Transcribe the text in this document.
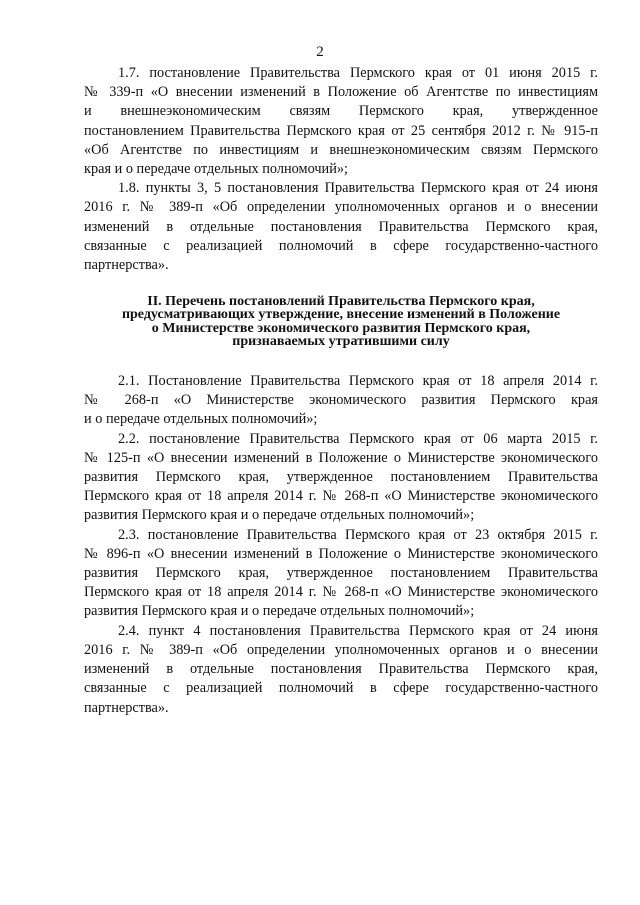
2
1.7. постановление Правительства Пермского края от 01 июня 2015 г.
№ 339-п «О внесении изменений в Положение об Агентстве по инвестициям
и внешнеэкономическим связям Пермского края, утвержденное
постановлением Правительства Пермского края от 25 сентября 2012 г. № 915-п
«Об Агентстве по инвестициям и внешнеэкономическим связям Пермского
края и о передаче отдельных полномочий»;
1.8. пункты 3, 5 постановления Правительства Пермского края от 24 июня
2016 г. № 389-п «Об определении уполномоченных органов и о внесении
изменений в отдельные постановления Правительства Пермского края,
связанные с реализацией полномочий в сфере государственно-частного
партнерства».
II. Перечень постановлений Правительства Пермского края,
предусматривающих утверждение, внесение изменений в Положение
о Министерстве экономического развития Пермского края,
признаваемых утратившими силу
2.1. Постановление Правительства Пермского края от 18 апреля 2014 г.
№ 268-п «О Министерстве экономического развития Пермского края
и о передаче отдельных полномочий»;
2.2. постановление Правительства Пермского края от 06 марта 2015 г.
№ 125-п «О внесении изменений в Положение о Министерстве экономического
развития Пермского края, утвержденное постановлением Правительства
Пермского края от 18 апреля 2014 г. № 268-п «О Министерстве экономического
развития Пермского края и о передаче отдельных полномочий»;
2.3. постановление Правительства Пермского края от 23 октября 2015 г.
№ 896-п «О внесении изменений в Положение о Министерстве экономического
развития Пермского края, утвержденное постановлением Правительства
Пермского края от 18 апреля 2014 г. № 268-п «О Министерстве экономического
развития Пермского края и о передаче отдельных полномочий»;
2.4. пункт 4 постановления Правительства Пермского края от 24 июня
2016 г. № 389-п «Об определении уполномоченных органов и о внесении
изменений в отдельные постановления Правительства Пермского края,
связанные с реализацией полномочий в сфере государственно-частного
партнерства».
